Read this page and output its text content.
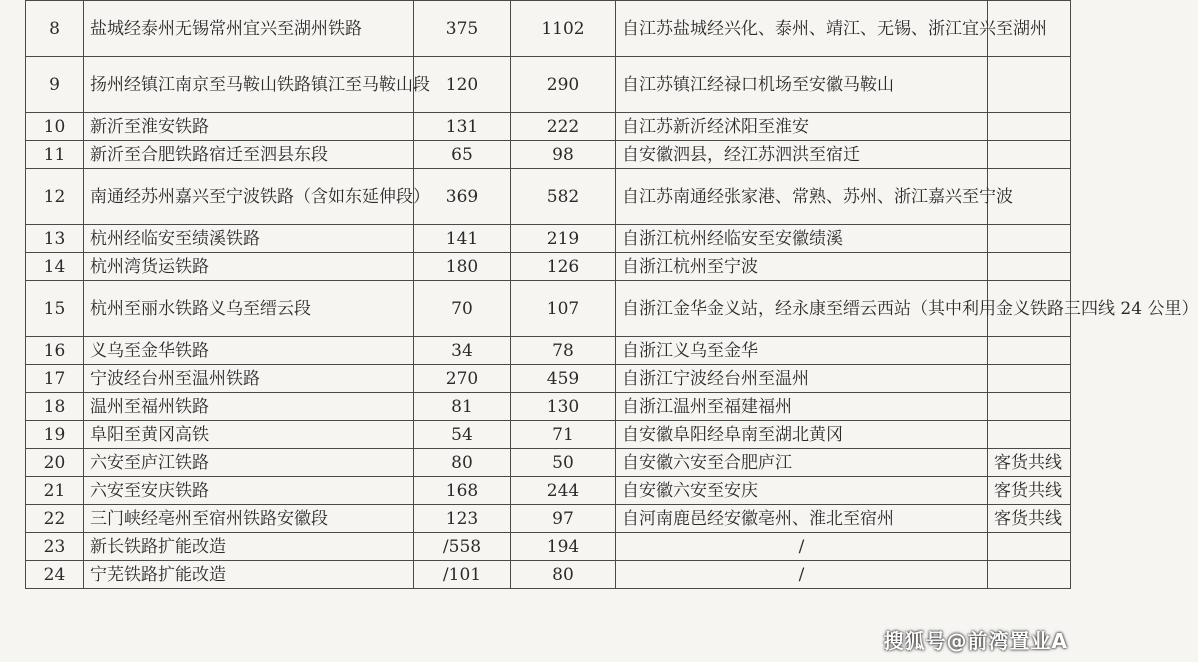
8	盐城经泰州无锡常州宜兴至湖州铁路	375	1102	自江苏盐城经兴化、泰州、靖江、无锡、浙江宜兴至湖州	
9	扬州经镇江南京至马鞍山铁路镇江至马鞍山段	120	290	自江苏镇江经禄口机场至安徽马鞍山	
10	新沂至淮安铁路	131	222	自江苏新沂经沭阳至淮安	
11	新沂至合肥铁路宿迁至泗县东段	65	98	自安徽泗县，经江苏泗洪至宿迁	
12	南通经苏州嘉兴至宁波铁路（含如东延伸段）	369	582	自江苏南通经张家港、常熟、苏州、浙江嘉兴至宁波	
13	杭州经临安至绩溪铁路	141	219	自浙江杭州经临安至安徽绩溪	
14	杭州湾货运铁路	180	126	自浙江杭州至宁波	
15	杭州至丽水铁路义乌至缙云段	70	107	自浙江金华金义站，经永康至缙云西站（其中利用金义铁路三四线 24 公里）	
16	义乌至金华铁路	34	78	自浙江义乌至金华	
17	宁波经台州至温州铁路	270	459	自浙江宁波经台州至温州	
18	温州至福州铁路	81	130	自浙江温州至福建福州	
19	阜阳至黄冈高铁	54	71	自安徽阜阳经阜南至湖北黄冈	
20	六安至庐江铁路	80	50	自安徽六安至合肥庐江	客货共线
21	六安至安庆铁路	168	244	自安徽六安至安庆	客货共线
22	三门峡经亳州至宿州铁路安徽段	123	97	自河南鹿邑经安徽亳州、淮北至宿州	客货共线
23	新长铁路扩能改造	/558	194	/	
24	宁芜铁路扩能改造	/101	80	/	
搜狐号@前湾置业A
